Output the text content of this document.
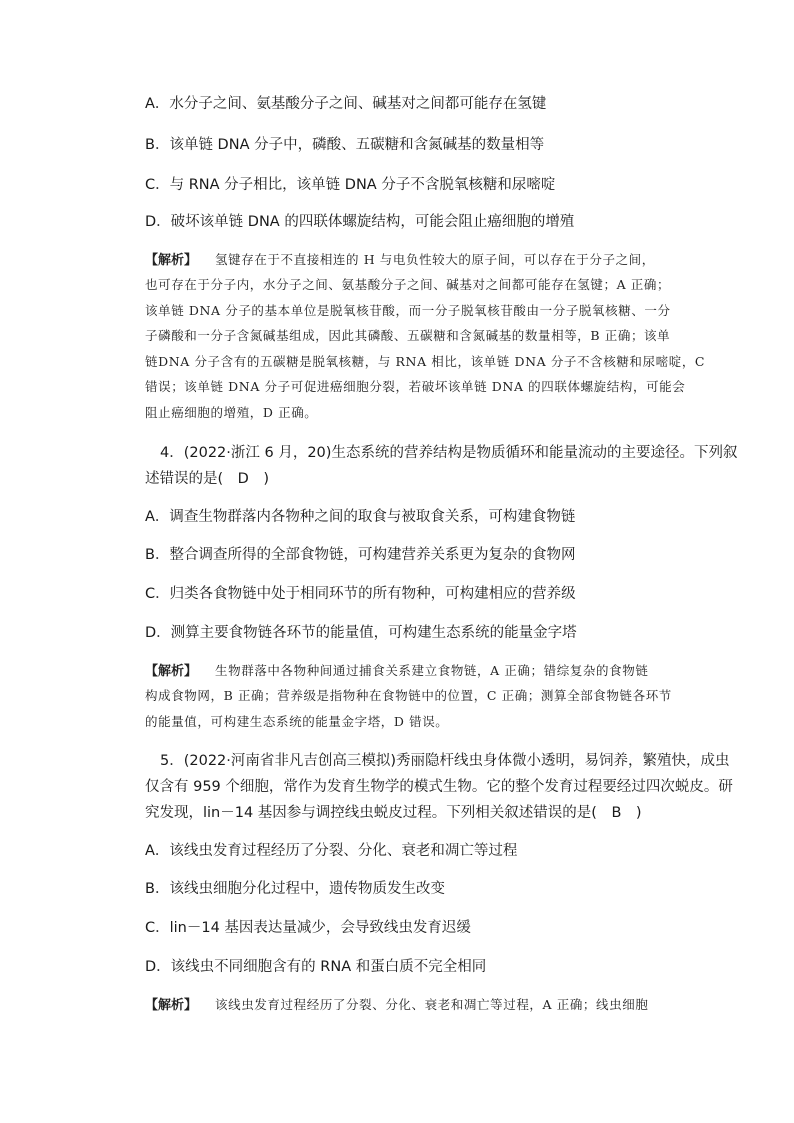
A．水分子之间、氨基酸分子之间、碱基对之间都可能存在氢键
B．该单链 DNA 分子中，磷酸、五碳糖和含氮碱基的数量相等
C．与 RNA 分子相比，该单链 DNA 分子不含脱氧核糖和尿嘧啶
D．破坏该单链 DNA 的四联体螺旋结构，可能会阻止癌细胞的增殖
【解析】 氢键存在于不直接相连的 H 与电负性较大的原子间，可以存在于分子之间，
也可存在于分子内，水分子之间、氨基酸分子之间、碱基对之间都可能存在氢键；A 正确；
该单链 DNA 分子的基本单位是脱氧核苷酸，而一分子脱氧核苷酸由一分子脱氧核糖、一分
子磷酸和一分子含氮碱基组成，因此其磷酸、五碳糖和含氮碱基的数量相等，B 正确；该单
链DNA 分子含有的五碳糖是脱氧核糖，与 RNA 相比，该单链 DNA 分子不含核糖和尿嘧啶，C
错误；该单链 DNA 分子可促进癌细胞分裂，若破坏该单链 DNA 的四联体螺旋结构，可能会
阻止癌细胞的增殖，D 正确。
4．(2022·浙江 6 月，20)生态系统的营养结构是物质循环和能量流动的主要途径。下列叙
述错误的是(　D　)
A．调查生物群落内各物种之间的取食与被取食关系，可构建食物链
B．整合调查所得的全部食物链，可构建营养关系更为复杂的食物网
C．归类各食物链中处于相同环节的所有物种，可构建相应的营养级
D．测算主要食物链各环节的能量值，可构建生态系统的能量金字塔
【解析】 生物群落中各物种间通过捕食关系建立食物链，A 正确；错综复杂的食物链
构成食物网，B 正确；营养级是指物种在食物链中的位置，C 正确；测算全部食物链各环节
的能量值，可构建生态系统的能量金字塔，D 错误。
5．(2022·河南省非凡吉创高三模拟)秀丽隐杆线虫身体微小透明，易饲养，繁殖快，成虫
仅含有 959 个细胞，常作为发育生物学的模式生物。它的整个发育过程要经过四次蜕皮。研
究发现，lin－14 基因参与调控线虫蜕皮过程。下列相关叙述错误的是(　B　)
A．该线虫发育过程经历了分裂、分化、衰老和凋亡等过程
B．该线虫细胞分化过程中，遗传物质发生改变
C．lin－14 基因表达量减少，会导致线虫发育迟缓
D．该线虫不同细胞含有的 RNA 和蛋白质不完全相同
【解析】 该线虫发育过程经历了分裂、分化、衰老和凋亡等过程，A 正确；线虫细胞
